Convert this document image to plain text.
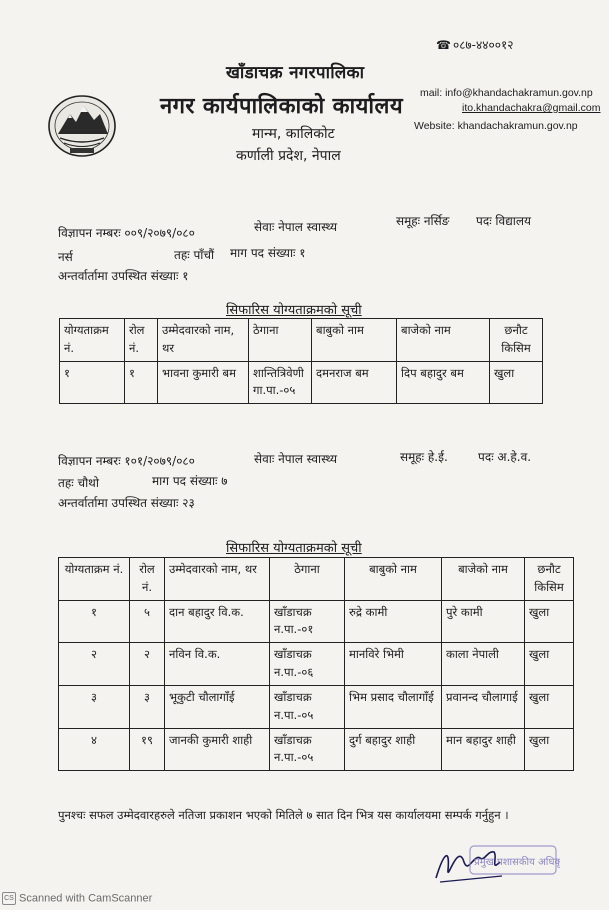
☎ ०८७-४४००१२
खाँडाचक्र नगरपालिका
नगर कार्यपालिकाको कार्यालय
मान्म, कालिकोट
कर्णाली प्रदेश, नेपाल
mail: info@khandachakramun.gov.np
ito.khandachakra@gmail.com
Website: khandachakramun.gov.np
विज्ञापन नम्बरः ००९/२०७९/०८०	सेवाः नेपाल स्वास्थ्य	समूहः नर्सिङ पदः विद्यालय
नर्स	तहः पाँचौं माग पद संख्याः १
अन्तर्वार्तामा उपस्थित संख्याः १
सिफारिस योग्यताक्रमको सूची
योग्यताक्रम नं.	रोल नं.	उम्मेदवारको नाम, थर	ठेगाना	बाबुको नाम	बाजेको नाम	छनौट किसिम
१	१	भावना कुमारी बम	शान्तित्रिवेणी गा.पा.-०५	दमनराज बम	दिप बहादुर बम	खुला
विज्ञापन नम्बरः १०१/२०७९/०८०	सेवाः नेपाल स्वास्थ्य	समूहः हे.ई.	पदः अ.हे.व.
तहः चौथो	माग पद संख्याः ७
अन्तर्वार्तामा उपस्थित संख्याः २३
सिफारिस योग्यताक्रमको सूची
योग्यताक्रम नं.	रोल नं.	उम्मेदवारको नाम, थर	ठेगाना	बाबुको नाम	बाजेको नाम	छनौट किसिम
१	५	दान बहादुर वि.क.	खाँडाचक्र न.पा.-०१	रुद्रे कामी	पुरे कामी	खुला
२	२	नविन वि.क.	खाँडाचक्र न.पा.-०६	मानविरे भिमी	काला नेपाली	खुला
३	३	भूकुटी चौलागाँई	खाँडाचक्र न.पा.-०५	भिम प्रसाद चौलागाँई	प्रवानन्द चौलागाई	खुला
४	१९	जानकी कुमारी शाही	खाँडाचक्र न.पा.-०५	दुर्ग बहादुर शाही	मान बहादुर शाही	खुला
पुनश्चः सफल उम्मेदवारहरुले नतिजा प्रकाशन भएको मितिले ७ सात दिन भित्र यस कार्यालयमा सम्पर्क गर्नुहुन ।
प्रमुख प्रशासकीय अधिकृत
CS Scanned with CamScanner
